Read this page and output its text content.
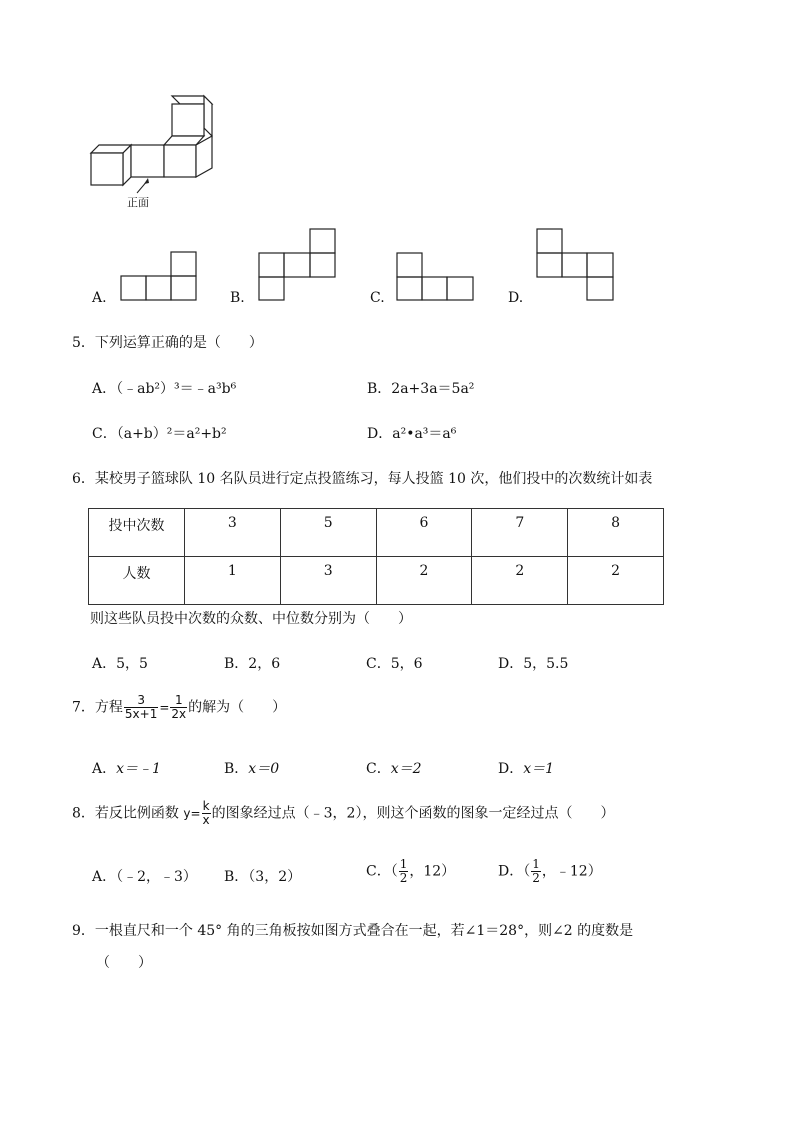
正面
A.	B.	C.	D.
5．下列运算正确的是（　　）
A．（﹣ab²）³＝﹣a³b⁶	B．2a+3a＝5a²
C．（a+b）²＝a²+b²	D．a²•a³＝a⁶
6．某校男子篮球队 10 名队员进行定点投篮练习，每人投篮 10 次，他们投中的次数统计如表
投中次数	3	5	6	7	8
人数	1	3	2	2	2
则这些队员投中次数的众数、中位数分别为（　　）
A．5，5	B．2，6	C．5，6	D．5，5.5
7．方程 $\frac{3}{5x+1} = \frac{1}{2x}$ 的解为（　　）
A．x＝﹣1	B．x＝0	C．x＝2	D．x＝1
8．若反比例函数 $y= \frac{k}{x}$ 的图象经过点（﹣3，2），则这个函数的图象一定经过点（　　）
A．（﹣2，﹣3） B．（3，2）	C．（ $\frac{1}{2}$ ，12）	D．（ $\frac{1}{2}$ ，﹣12）
9．一根直尺和一个 45° 角的三角板按如图方式叠合在一起，若∠1＝28°，则∠2 的度数是
（　　）
